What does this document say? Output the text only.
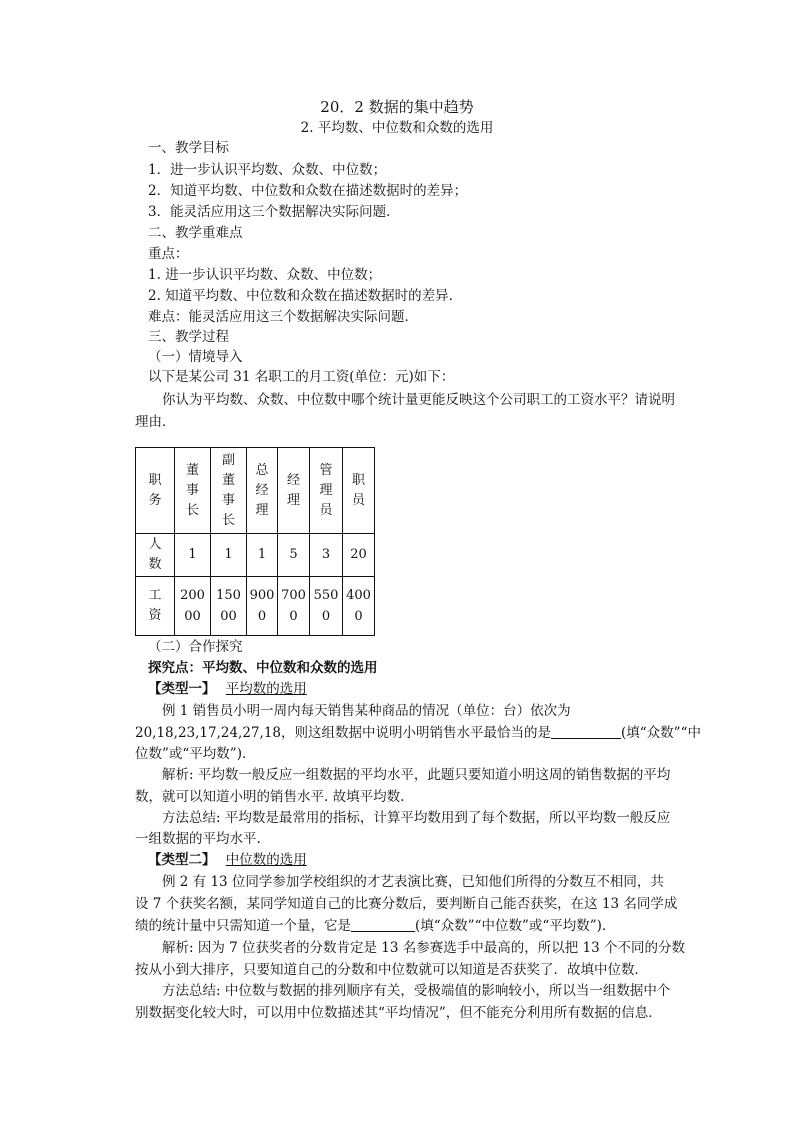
20．2 数据的集中趋势
2. 平均数、中位数和众数的选用
一、教学目标
1．进一步认识平均数、众数、中位数；
2．知道平均数、中位数和众数在描述数据时的差异；
3．能灵活应用这三个数据解决实际问题．
二、教学重难点
重点：
1. 进一步认识平均数、众数、中位数；
2. 知道平均数、中位数和众数在描述数据时的差异.
难点：能灵活应用这三个数据解决实际问题．
三、教学过程
（一）情境导入
以下是某公司 31 名职工的月工资(单位：元)如下：
你认为平均数、众数、中位数中哪个统计量更能反映这个公司职工的工资水平？请说明
理由．
职务	董事长	副董事长	总经理	经理	管理员	职员
人数	1	1	1	5	3	20
工资	20000	15000	9000	7000	5500	4000
（二）合作探究
探究点：平均数、中位数和众数的选用
【类型一】 平均数的选用
例 1 销售员小明一周内每天销售某种商品的情况（单位：台）依次为
20,18,23,17,24,27,18，则这组数据中说明小明销售水平最恰当的是	(填“众数”“中
位数”或“平均数”)．
解析: 平均数一般反应一组数据的平均水平，此题只要知道小明这周的销售数据的平均
数，就可以知道小明的销售水平. 故填平均数.
方法总结: 平均数是最常用的指标，计算平均数用到了每个数据，所以平均数一般反应
一组数据的平均水平.
【类型二】 中位数的选用
例 2 有 13 位同学参加学校组织的才艺表演比赛，已知他们所得的分数互不相同，共
设 7 个获奖名额，某同学知道自己的比赛分数后，要判断自己能否获奖，在这 13 名同学成
绩的统计量中只需知道一个量，它是	(填“众数”“中位数”或“平均数”)．
解析: 因为 7 位获奖者的分数肯定是 13 名参赛选手中最高的，所以把 13 个不同的分数
按从小到大排序，只要知道自己的分数和中位数就可以知道是否获奖了．故填中位数．
方法总结: 中位数与数据的排列顺序有关，受极端值的影响较小，所以当一组数据中个
别数据变化较大时，可以用中位数描述其“平均情况”，但不能充分利用所有数据的信息．
